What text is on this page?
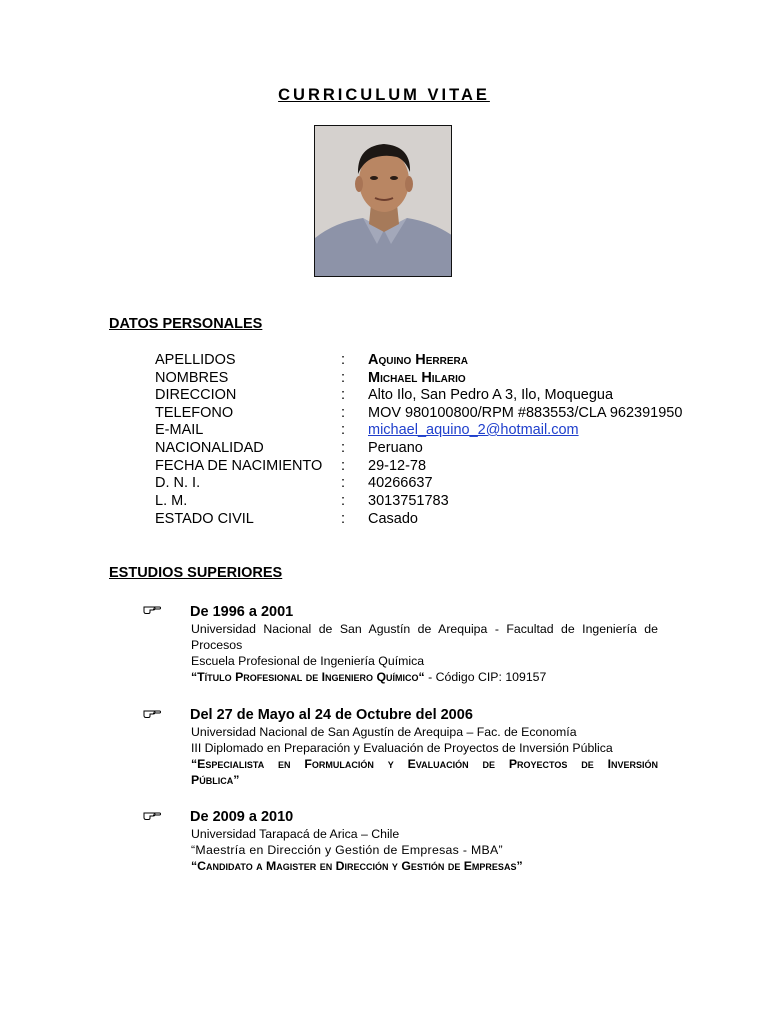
CURRICULUM VITAE
DATOS PERSONALES
APELLIDOS	: Aquino Herrera
NOMBRES	: Michael Hilario
DIRECCION	: Alto Ilo, San Pedro A 3, Ilo, Moquegua
TELEFONO	: MOV 980100800/RPM #883553/CLA 962391950
E-MAIL	: michael_aquino_2@hotmail.com
NACIONALIDAD	: Peruano
FECHA DE NACIMIENTO : 29-12-78
D. N. I.	: 40266637
L. M.	: 3013751783
ESTADO CIVIL	: Casado
ESTUDIOS SUPERIORES
De 1996 a 2001
Universidad Nacional de San Agustín de Arequipa - Facultad de Ingeniería de
Procesos
Escuela Profesional de Ingeniería Química
“Título Profesional de Ingeniero Químico“ - Código CIP: 109157
Del 27 de Mayo al 24 de Octubre del 2006
Universidad Nacional de San Agustín de Arequipa – Fac. de Economía
III Diplomado en Preparación y Evaluación de Proyectos de Inversión Pública
“Especialista en Formulación y Evaluación de Proyectos de Inversión
Pública”
De 2009 a 2010
Universidad Tarapacá de Arica – Chile
“Maestría en Dirección y Gestión de Empresas - MBA”
“Candidato a Magister en Dirección y Gestión de Empresas”
